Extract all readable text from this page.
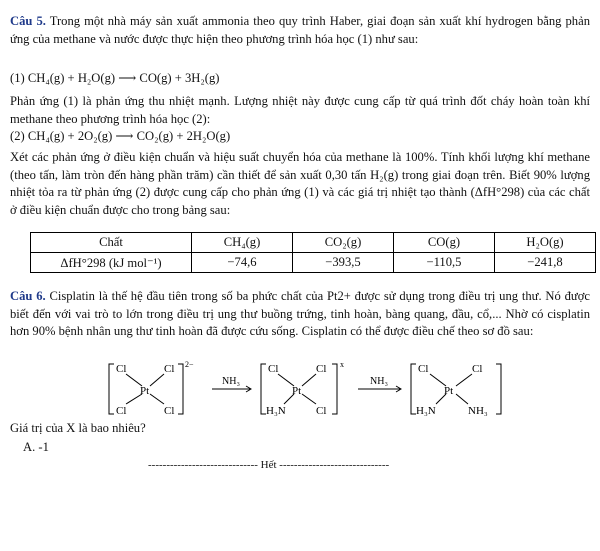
Câu 5. Trong một nhà máy sản xuất ammonia theo quy trình Haber, giai đoạn sản xuất khí hydrogen bằng phản ứng của methane và nước được thực hiện theo phương trình hóa học (1) như sau:

(1) CH₄(g) + H₂O(g) ⟶ CO(g) + 3H₂(g)

Phản ứng (1) là phản ứng thu nhiệt mạnh. Lượng nhiệt này được cung cấp từ quá trình đốt cháy hoàn toàn khí methane theo phương trình hóa học (2):

(2) CH₄(g) + 2O₂(g) ⟶ CO₂(g) + 2H₂O(g)

Xét các phản ứng ở điều kiện chuẩn và hiệu suất chuyển hóa của methane là 100%. Tính khối lượng khí methane (theo tấn, làm tròn đến hàng phần trăm) cần thiết để sản xuất 0,30 tấn H₂(g) trong giai đoạn trên. Biết 90% lượng nhiệt tỏa ra từ phản ứng (2) được cung cấp cho phản ứng (1) và các giá trị nhiệt tạo thành (ΔfH°298) của các chất ở điều kiện chuẩn được cho trong bảng sau:

Chất	CH₄(g)	CO₂(g)	CO(g)	H₂O(g)
ΔfH°298 (kJ mol⁻¹)	−74,6	−393,5	−110,5	−241,8

Câu 6. Cisplatin là thế hệ đầu tiên trong số ba phức chất của Pt2+ được sử dụng trong điều trị ung thư. Nó được biết đến với vai trò to lớn trong điều trị ung thư buồng trứng, tinh hoàn, bàng quang, đầu, cổ,... Nhờ có cisplatin hơn 90% bệnh nhân ung thư tinh hoàn đã được cứu sống. Cisplatin có thể được điều chế theo sơ đồ sau:

Cl	Cl
Pt
Cl	Cl
2−
NH₃
Cl	Cl
Pt
H₃N	Cl
x
NH₃
Cl	Cl
Pt
H₃N	NH₃
Giá trị của X là bao nhiêu?
A. -1
------------------------------ Hết ------------------------------
